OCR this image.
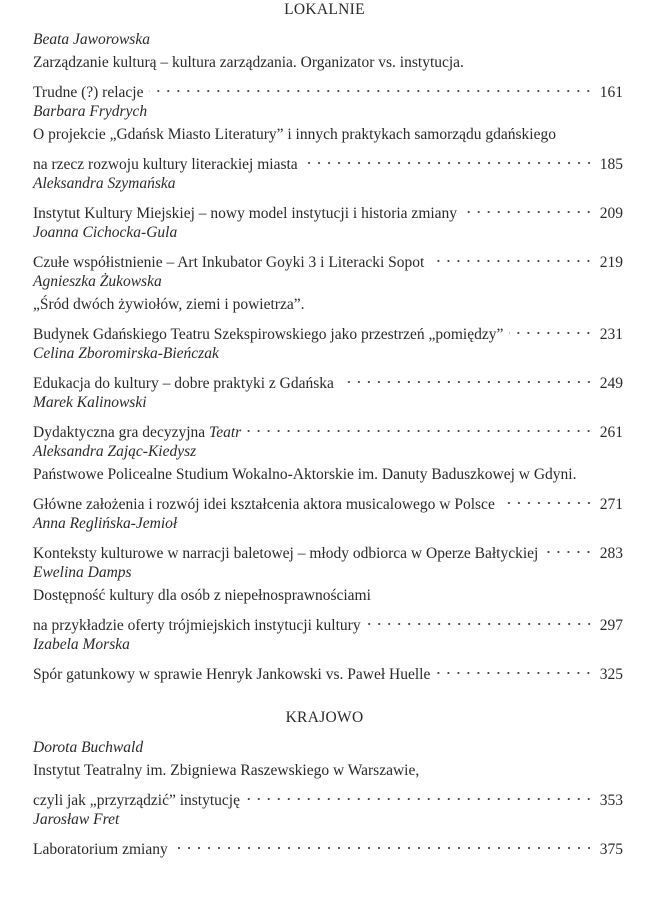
LOKALNIE
Beata Jaworowska
Zarządzanie kulturą – kultura zarządzania. Organizator vs. instytucja.
Trudne (?) relacje	161
Barbara Frydrych
O projekcie „Gdańsk Miasto Literatury” i innych praktykach samorządu gdańskiego
na rzecz rozwoju kultury literackiej miasta	185
Aleksandra Szymańska
Instytut Kultury Miejskiej – nowy model instytucji i historia zmiany	209
Joanna Cichocka-Gula
Czułe współistnienie – Art Inkubator Goyki 3 i Literacki Sopot	219
Agnieszka Żukowska
„Śród dwóch żywiołów, ziemi i powietrza”.
Budynek Gdańskiego Teatru Szekspirowskiego jako przestrzeń „pomiędzy”	231
Celina Zboromirska-Bieńczak
Edukacja do kultury – dobre praktyki z Gdańska	249
Marek Kalinowski
Dydaktyczna gra decyzyjna Teatr	261
Aleksandra Zając-Kiedysz
Państwowe Policealne Studium Wokalno-Aktorskie im. Danuty Baduszkowej w Gdyni.
Główne założenia i rozwój idei kształcenia aktora musicalowego w Polsce	271
Anna Reglińska-Jemioł
Konteksty kulturowe w narracji baletowej – młody odbiorca w Operze Bałtyckiej	283
Ewelina Damps
Dostępność kultury dla osób z niepełnosprawnościami
na przykładzie oferty trójmiejskich instytucji kultury	297
Izabela Morska
Spór gatunkowy w sprawie Henryk Jankowski vs. Paweł Huelle	325
KRAJOWO
Dorota Buchwald
Instytut Teatralny im. Zbigniewa Raszewskiego w Warszawie,
czyli jak „przyrządzić” instytucję	353
Jarosław Fret
Laboratorium zmiany	375
